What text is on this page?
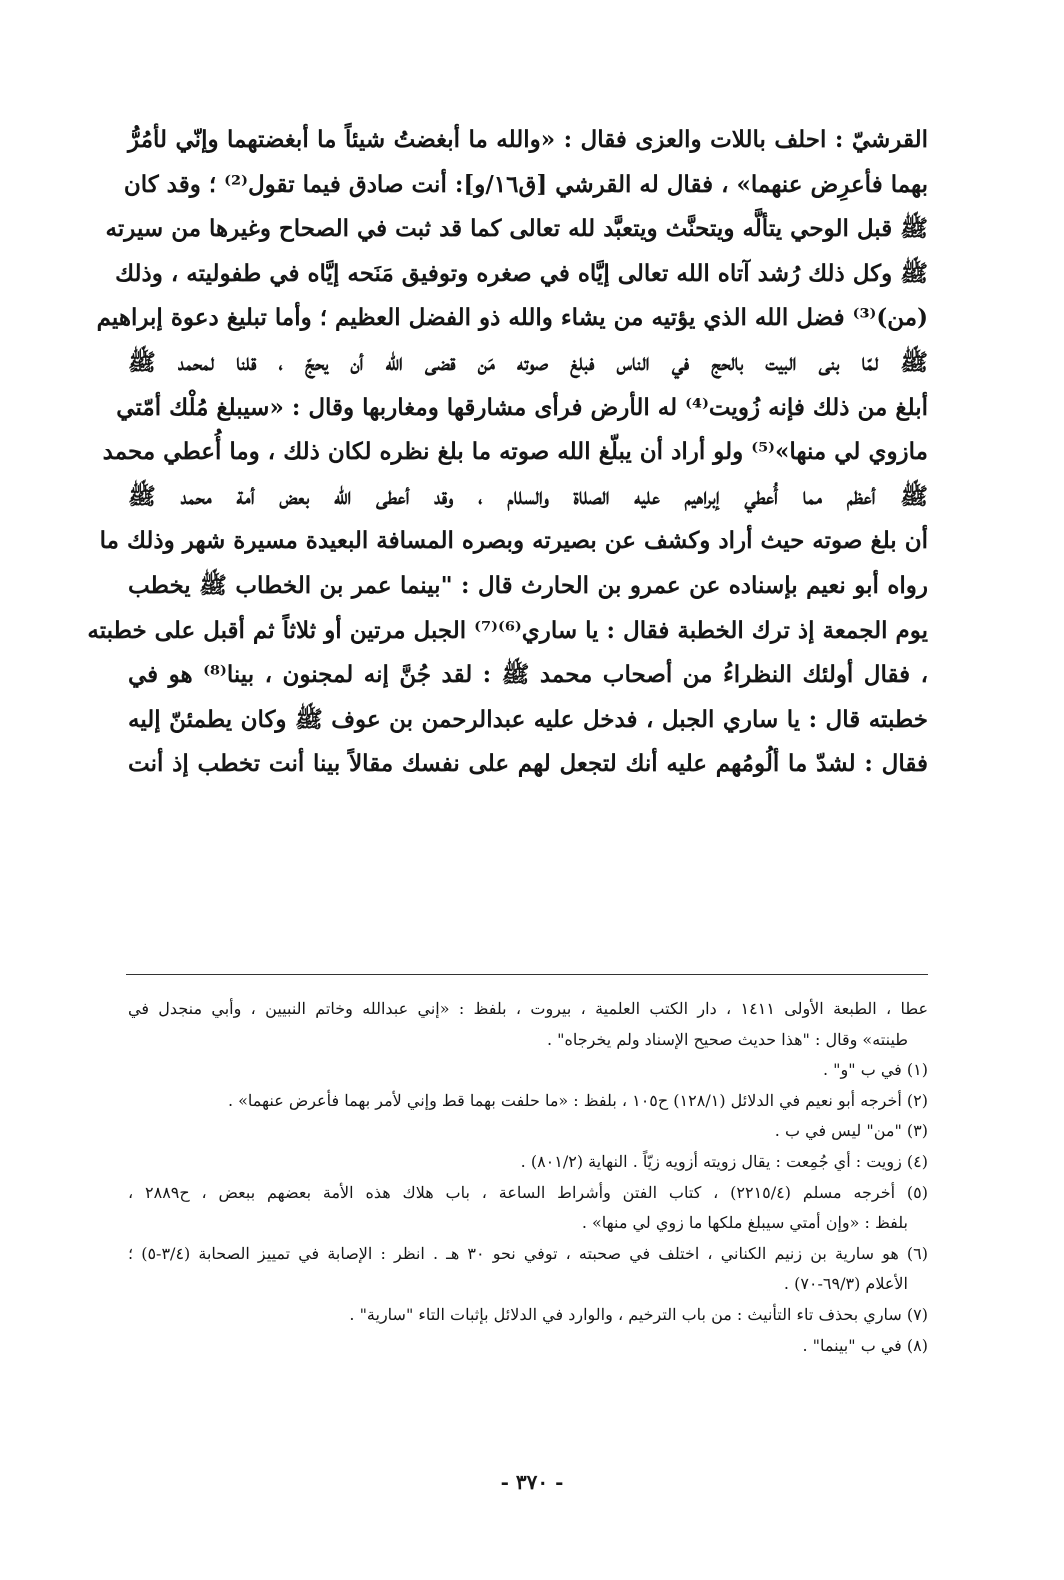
القرشيّ : احلف باللات والعزى فقال : «والله ما أبغضتُ شيئاً ما أبغضتهما وإنّي لأمُرُّ
بهما فأعرِض عنهما» ، فقال له القرشي [ق١٦/و]: أنت صادق فيما تقول⁽²⁾ ؛ وقد كان
ﷺ قبل الوحي يتألَّه ويتحنَّث ويتعبَّد لله تعالى كما قد ثبت في الصحاح وغيرها من سيرته
ﷺ وكل ذلك رُشد آتاه الله تعالى إيَّاه في صغره وتوفيق مَنَحه إيَّاه في طفوليته ، وذلك
(من)⁽³⁾ فضل الله الذي يؤتيه من يشاء والله ذو الفضل العظيم ؛ وأما تبليغ دعوة إبراهيم
ﷺ لمّا بنى البيت بالحج في الناس فبلغ صوته مَن قضى الله أن يحجّ ، قلنا لمحمد ﷺ
أبلغ من ذلك فإنه زُويت⁽⁴⁾ له الأرض فرأى مشارقها ومغاربها وقال : «سيبلغ مُلْك أمّتي
مازوي لي منها»⁽⁵⁾ ولو أراد أن يبلّغ الله صوته ما بلغ نظره لكان ذلك ، وما أُعطي محمد
ﷺ أعظم مما أُعطي إبراهيم عليه الصلاة والسلام ، وقد أعطى الله بعض أمة محمد ﷺ
أن بلغ صوته حيث أراد وكشف عن بصيرته وبصره المسافة البعيدة مسيرة شهر وذلك ما
رواه أبو نعيم بإسناده عن عمرو بن الحارث قال : "بينما عمر بن الخطاب ﷺ يخطب
يوم الجمعة إذ ترك الخطبة فقال : يا ساري⁽⁶⁾⁽⁷⁾ الجبل مرتين أو ثلاثاً ثم أقبل على خطبته
، فقال أولئك النظراءُ من أصحاب محمد ﷺ : لقد جُنَّ إنه لمجنون ، بينا⁽⁸⁾ هو في
خطبته قال : يا ساري الجبل ، فدخل عليه عبدالرحمن بن عوف ﷺ وكان يطمئنّ إليه
فقال : لشدّ ما ألُومُهم عليه أنك لتجعل لهم على نفسك مقالاً بينا أنت تخطب إذ أنت
عطا ، الطبعة الأولى ١٤١١ ، دار الكتب العلمية ، بيروت ، بلفظ : «إني عبدالله وخاتم النبيين ، وأبي منجدل في
طينته» وقال : "هذا حديث صحيح الإسناد ولم يخرجاه" .
(١) في ب "و" .
(٢) أخرجه أبو نعيم في الدلائل (١٢٨/١) ح١٠٥ ، بلفظ : «ما حلفت بهما قط وإني لأمر بهما فأعرض عنهما» .
(٣) "من" ليس في ب .
(٤) زويت : أي جُمِعت : يقال زويته أزويه زيّاً . النهاية (٨٠١/٢) .
(٥) أخرجه مسلم (٢٢١٥/٤) ، كتاب الفتن وأشراط الساعة ، باب هلاك هذه الأمة بعضهم ببعض ، ح٢٨٨٩ ،
بلفظ : «وإن أمتي سيبلغ ملكها ما زوي لي منها» .
(٦) هو سارية بن زنيم الكناني ، اختلف في صحبته ، توفي نحو ٣٠ هـ . انظر : الإصابة في تمييز الصحابة (٣/٤-٥) ؛
الأعلام (٦٩/٣-٧٠) .
(٧) ساري بحذف تاء التأنيث : من باب الترخيم ، والوارد في الدلائل بإثبات التاء "سارية" .
(٨) في ب "بينما" .
- ٣٧٠ -
